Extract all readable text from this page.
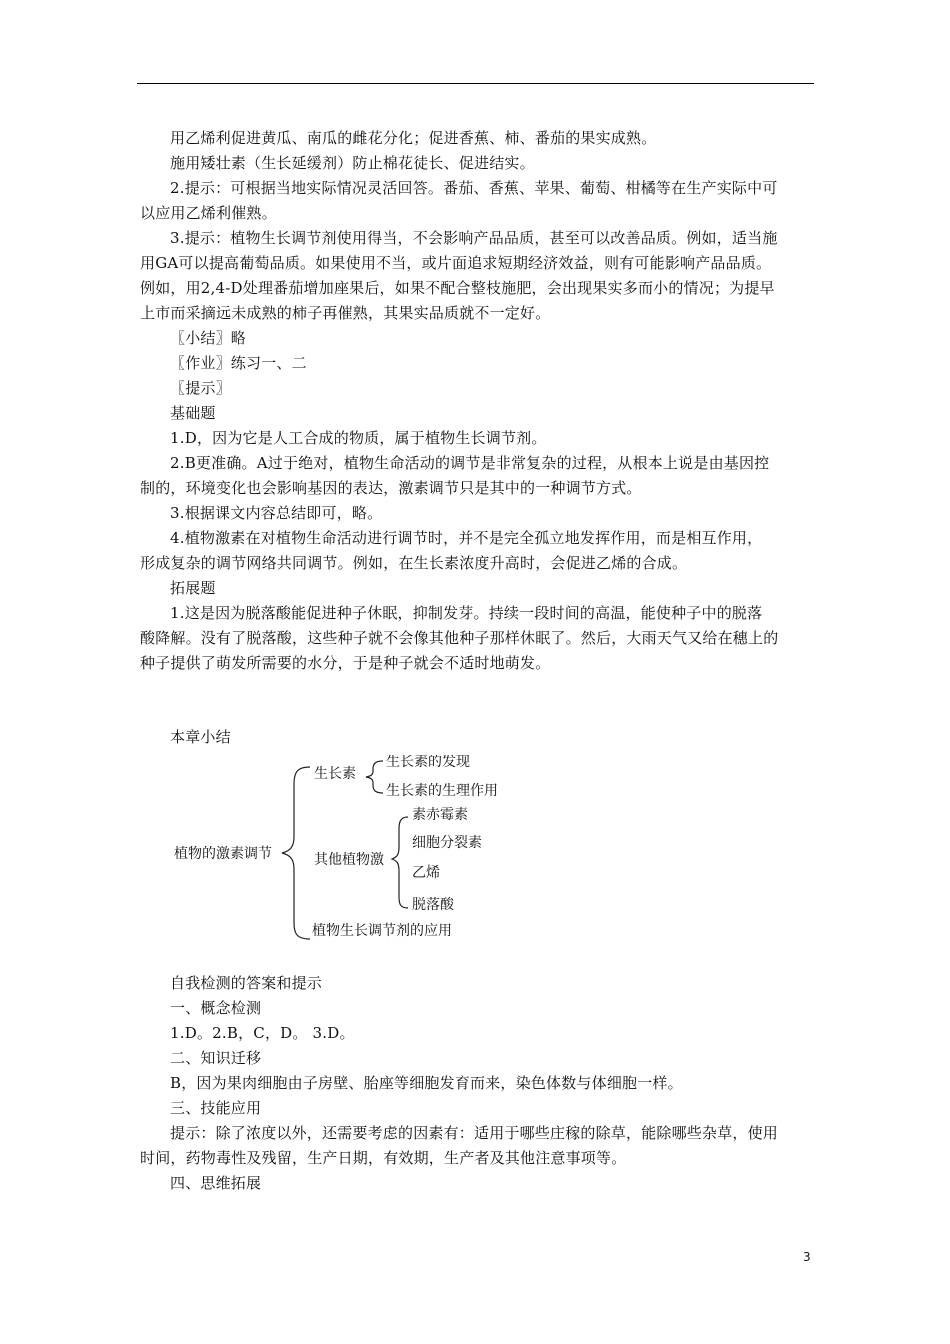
用乙烯利促进黄瓜、南瓜的雌花分化；促进香蕉、柿、番茄的果实成熟。
施用矮壮素（生长延缓剂）防止棉花徒长、促进结实。
2.提示：可根据当地实际情况灵活回答。番茄、香蕉、苹果、葡萄、柑橘等在生产实际中可
以应用乙烯利催熟。
3.提示：植物生长调节剂使用得当，不会影响产品品质，甚至可以改善品质。例如，适当施
用GA可以提高葡萄品质。如果使用不当，或片面追求短期经济效益，则有可能影响产品品质。
例如，用2,4-D处理番茄增加座果后，如果不配合整枝施肥，会出现果实多而小的情况；为提早
上市而采摘远未成熟的柿子再催熟，其果实品质就不一定好。
〖小结〗略
〖作业〗练习一、二
〖提示〗
基础题
1.D，因为它是人工合成的物质，属于植物生长调节剂。
2.B更准确。A过于绝对，植物生命活动的调节是非常复杂的过程，从根本上说是由基因控
制的，环境变化也会影响基因的表达，激素调节只是其中的一种调节方式。
3.根据课文内容总结即可，略。
4.植物激素在对植物生命活动进行调节时，并不是完全孤立地发挥作用，而是相互作用，
形成复杂的调节网络共同调节。例如，在生长素浓度升高时，会促进乙烯的合成。
拓展题
1.这是因为脱落酸能促进种子休眠，抑制发芽。持续一段时间的高温，能使种子中的脱落
酸降解。没有了脱落酸，这些种子就不会像其他种子那样休眠了。然后，大雨天气又给在穗上的
种子提供了萌发所需要的水分，于是种子就会不适时地萌发。
本章小结
植物的激素调节
生长素
生长素的发现
生长素的生理作用
其他植物激
素赤霉素
细胞分裂素
乙烯
脱落酸
植物生长调节剂的应用
自我检测的答案和提示
一、概念检测
1.D。2.B，C，D。 3.D。
二、知识迁移
B，因为果肉细胞由子房壁、胎座等细胞发育而来，染色体数与体细胞一样。
三、技能应用
提示：除了浓度以外，还需要考虑的因素有：适用于哪些庄稼的除草，能除哪些杂草，使用
时间，药物毒性及残留，生产日期，有效期，生产者及其他注意事项等。
四、思维拓展
3
